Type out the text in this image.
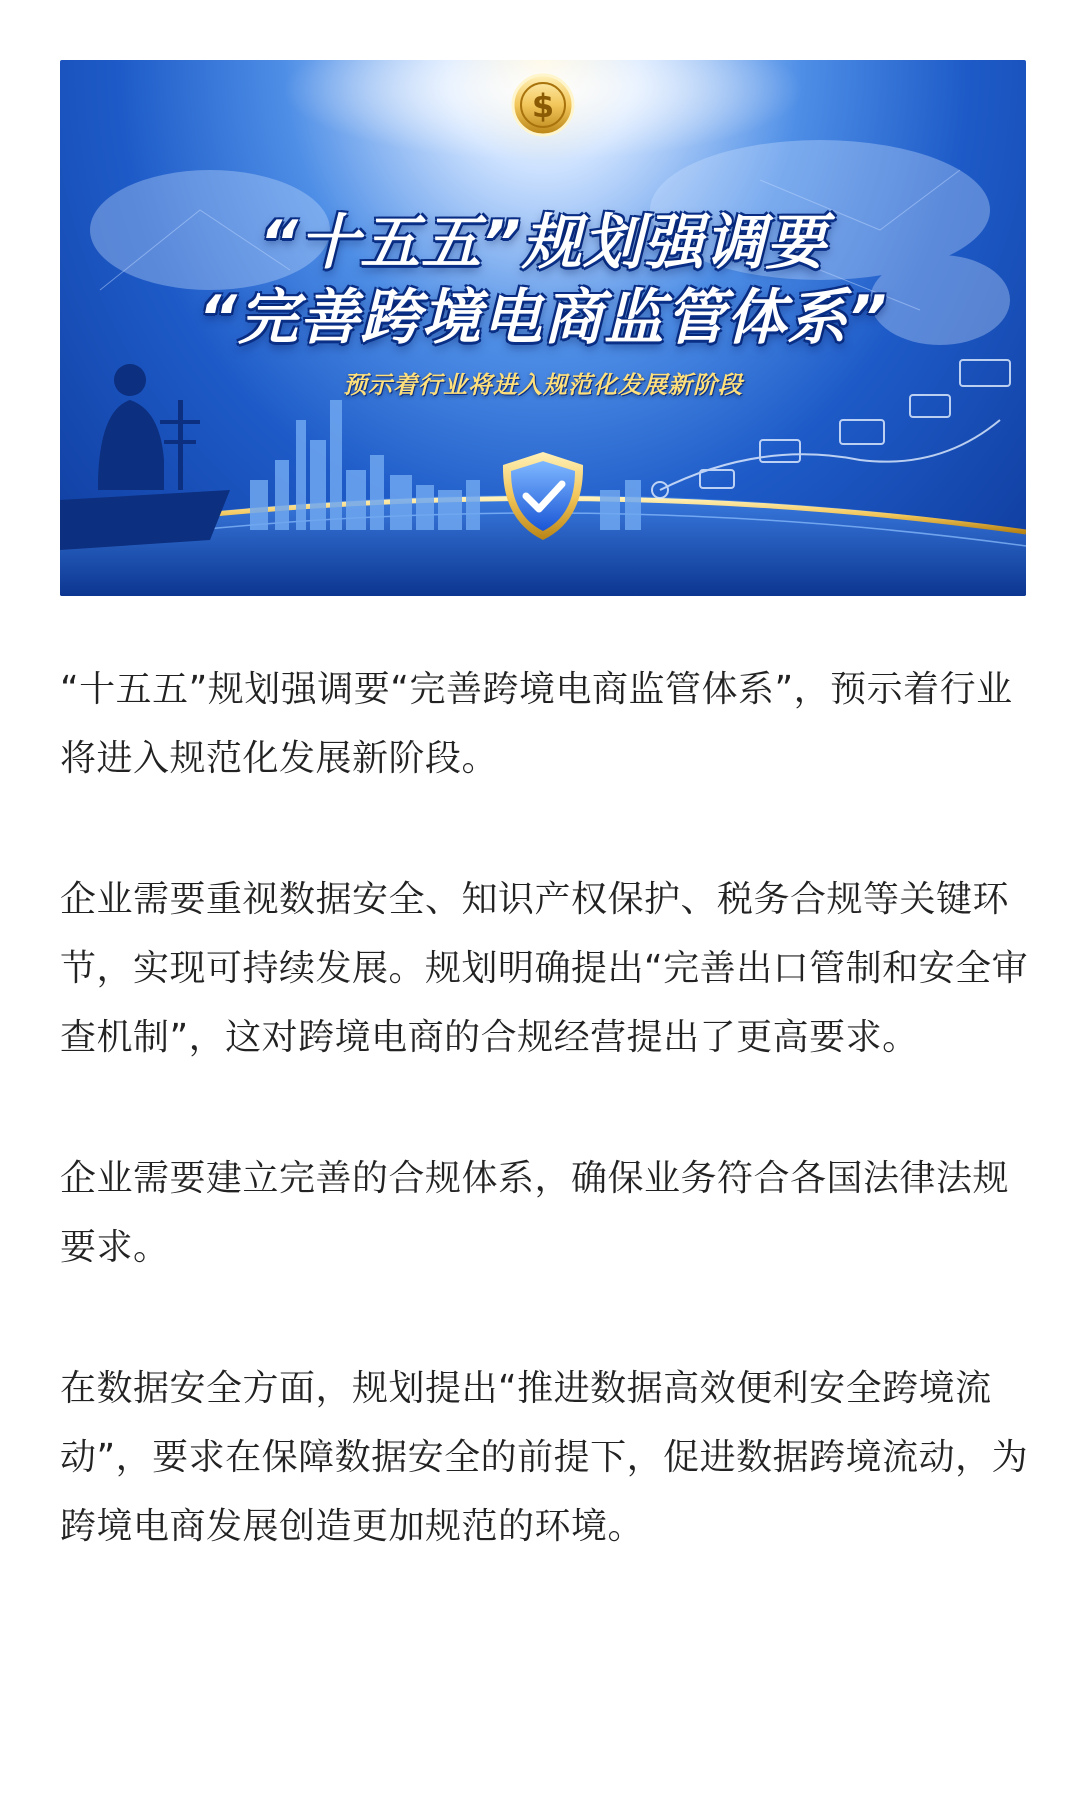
$
“十五五”规划强调要
“完善跨境电商监管体系”
预示着行业将进入规范化发展新阶段

“十五五”规划强调要“完善跨境电商监管体系”，预示着行业将进入规范化发展新阶段。

企业需要重视数据安全、知识产权保护、税务合规等关键环节，实现可持续发展。规划明确提出“完善出口管制和安全审查机制”，这对跨境电商的合规经营提出了更高要求。

企业需要建立完善的合规体系，确保业务符合各国法律法规要求。

在数据安全方面，规划提出“推进数据高效便利安全跨境流动”，要求在保障数据安全的前提下，促进数据跨境流动，为跨境电商发展创造更加规范的环境。
